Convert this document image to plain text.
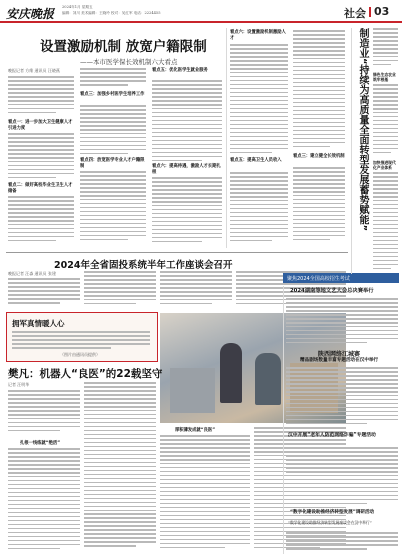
安庆晚报 2024年1月 星期五
编辑：刘川 美术编辑：王晓玲 校对：吴红军 电话：2224455	社会 03
设置激励机制 放宽户籍限制
——本市医学保长效机制六大看点
晚报记者 方维 通讯员 汪晓燕
看点一：进一步加大卫生健康人才引进力度
看点二：做好高校毕业生卫生人才储备
看点三：加强乡村医学生培养工作
看点四：放宽医学专业人才户籍限制
看点五：优化医学生就业服务
看点六：提高待遇，激励人才长期扎根
看点六：设置激励机制激励人才
看点五：提高卫生人员收入
看点三：建立健全长效机制 制造业“持续为高质量全面转型发展蓄势赋能” 绿色生态农业筑牢根基
加快推进现代化产业体系
2024年全省固投系统半年工作座谈会召开
晚报记者 汪淼 通讯员 张建
拥军真情暖人心
（图片由通讯员提供）
樊凡：机器人“良医”的22载坚守
记者 汪明华
扎根一线练就“绝活”
厚积薄发成就“良医”
聚焦2024全国高校招生考试
2024湖南等地文艺大会总决赛举行
陕西网络江城赛
精品剧场数量丰富专题活动在汉中举行
汉中开展“老年人防范网络诈骗”专题活动
“数字化建设助推经济转型发展”调研活动
“数学化建设助推经济转型发展座谈会在汉中举行”
